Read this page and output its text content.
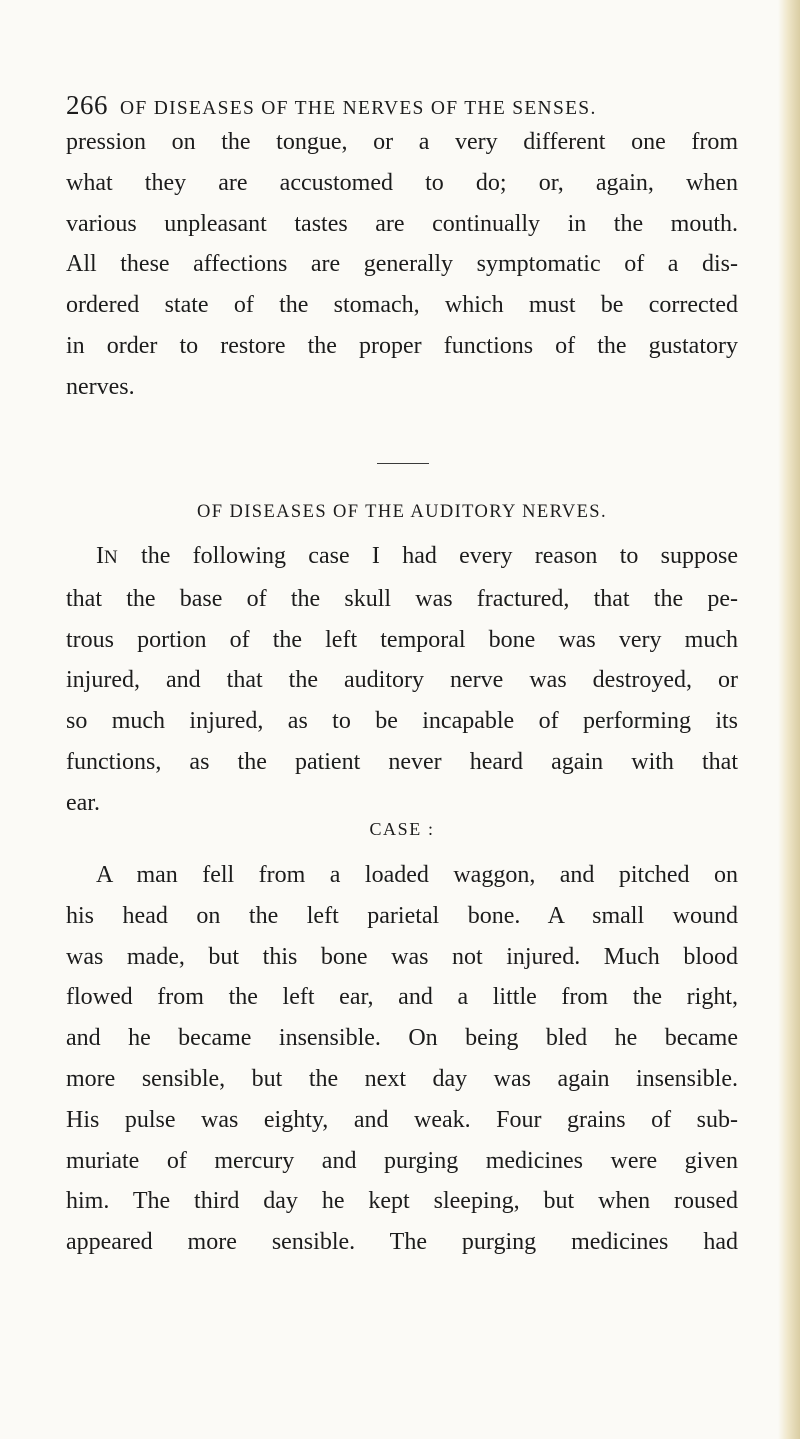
266 OF DISEASES OF THE NERVES OF THE SENSES.
pression on the tongue, or a very different one from
what they are accustomed to do; or, again, when
various unpleasant tastes are continually in the mouth.
All these affections are generally symptomatic of a dis-
ordered state of the stomach, which must be corrected
in order to restore the proper functions of the gustatory
nerves.
OF DISEASES OF THE AUDITORY NERVES.
IN the following case I had every reason to suppose
that the base of the skull was fractured, that the pe-
trous portion of the left temporal bone was very much
injured, and that the auditory nerve was destroyed, or
so much injured, as to be incapable of performing its
functions, as the patient never heard again with that
ear.
CASE :
A man fell from a loaded waggon, and pitched on
his head on the left parietal bone. A small wound
was made, but this bone was not injured. Much blood
flowed from the left ear, and a little from the right,
and he became insensible. On being bled he became
more sensible, but the next day was again insensible.
His pulse was eighty, and weak. Four grains of sub-
muriate of mercury and purging medicines were given
him. The third day he kept sleeping, but when roused
appeared more sensible. The purging medicines had
